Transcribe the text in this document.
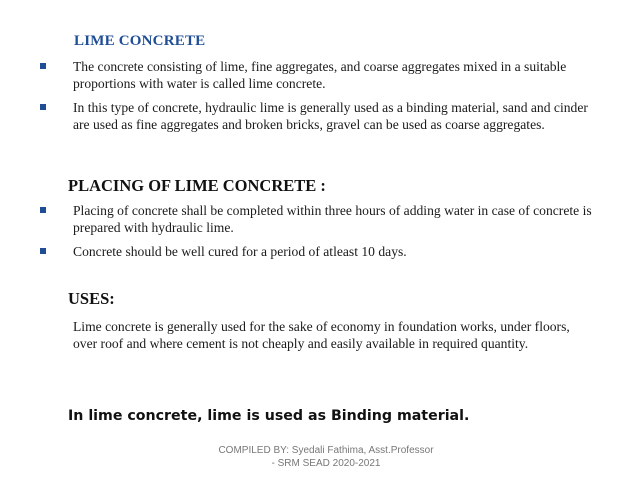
LIME CONCRETE
The concrete consisting of lime, fine aggregates, and coarse aggregates mixed in a suitable proportions with water is called lime concrete.
In this type of concrete, hydraulic lime is generally used as a binding material, sand and cinder are used as fine aggregates and broken bricks, gravel can be used as coarse aggregates.
PLACING OF LIME CONCRETE :
Placing of concrete shall be completed within three hours of adding water in case of concrete is prepared with hydraulic lime.
Concrete should be well cured for a period of atleast 10 days.
USES:
Lime concrete is generally used for the sake of economy in foundation works, under floors, over roof and where cement is not cheaply and easily available in required quantity.
In lime concrete, lime is used as Binding material.
COMPILED BY: Syedali Fathima, Asst.Professor
- SRM SEAD 2020-2021
